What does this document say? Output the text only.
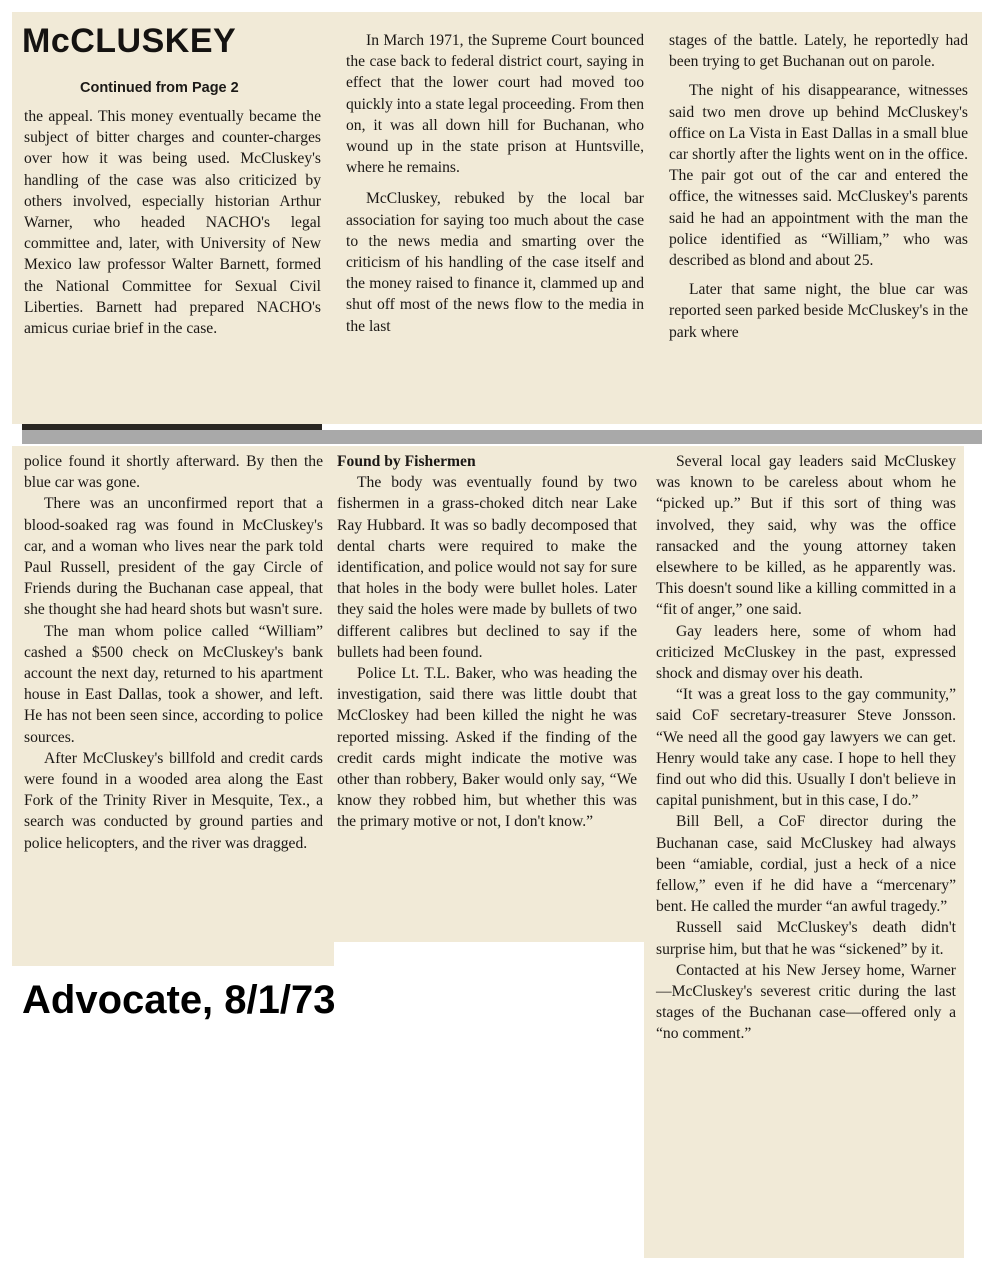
McCLUSKEY
Continued from Page 2

the appeal. This money eventually became the subject of bitter charges and counter-charges over how it was being used. McCluskey's handling of the case was also criticized by others involved, especially historian Arthur Warner, who headed NACHO's legal committee and, later, with University of New Mexico law professor Walter Barnett, formed the National Committee for Sexual Civil Liberties. Barnett had prepared NACHO's amicus curiae brief in the case.

In March 1971, the Supreme Court bounced the case back to federal district court, saying in effect that the lower court had moved too quickly into a state legal proceeding. From then on, it was all down hill for Buchanan, who wound up in the state prison at Huntsville, where he remains.

McCluskey, rebuked by the local bar association for saying too much about the case to the news media and smarting over the criticism of his handling of the case itself and the money raised to finance it, clammed up and shut off most of the news flow to the media in the last

stages of the battle. Lately, he reportedly had been trying to get Buchanan out on parole.

The night of his disappearance, witnesses said two men drove up behind McCluskey's office on La Vista in East Dallas in a small blue car shortly after the lights went on in the office. The pair got out of the car and entered the office, the witnesses said. McCluskey's parents said he had an appointment with the man the police identified as “William,” who was described as blond and about 25.

Later that same night, the blue car was reported seen parked beside McCluskey's in the park where

police found it shortly afterward. By then the blue car was gone.

There was an unconfirmed report that a blood-soaked rag was found in McCluskey's car, and a woman who lives near the park told Paul Russell, president of the gay Circle of Friends during the Buchanan case appeal, that she thought she had heard shots but wasn't sure.

The man whom police called “William” cashed a $500 check on McCluskey's bank account the next day, returned to his apartment house in East Dallas, took a shower, and left. He has not been seen since, according to police sources.

After McCluskey's billfold and credit cards were found in a wooded area along the East Fork of the Trinity River in Mesquite, Tex., a search was conducted by ground parties and police helicopters, and the river was dragged.

Found by Fishermen

The body was eventually found by two fishermen in a grass-choked ditch near Lake Ray Hubbard. It was so badly decomposed that dental charts were required to make the identification, and police would not say for sure that holes in the body were bullet holes. Later they said the holes were made by bullets of two different calibres but declined to say if the bullets had been found.

Police Lt. T.L. Baker, who was heading the investigation, said there was little doubt that McCloskey had been killed the night he was reported missing. Asked if the finding of the credit cards might indicate the motive was other than robbery, Baker would only say, “We know they robbed him, but whether this was the primary motive or not, I don't know.”

Several local gay leaders said McCluskey was known to be careless about whom he “picked up.” But if this sort of thing was involved, they said, why was the office ransacked and the young attorney taken elsewhere to be killed, as he apparently was. This doesn't sound like a killing committed in a “fit of anger,” one said.

Gay leaders here, some of whom had criticized McCluskey in the past, expressed shock and dismay over his death.

“It was a great loss to the gay community,” said CoF secretary-treasurer Steve Jonsson. “We need all the good gay lawyers we can get. Henry would take any case. I hope to hell they find out who did this. Usually I don't believe in capital punishment, but in this case, I do.”

Bill Bell, a CoF director during the Buchanan case, said McCluskey had always been “amiable, cordial, just a heck of a nice fellow,” even if he did have a “mercenary” bent. He called the murder “an awful tragedy.”

Russell said McCluskey's death didn't surprise him, but that he was “sickened” by it.

Contacted at his New Jersey home, Warner—McCluskey's severest critic during the last stages of the Buchanan case—offered only a “no comment.”

Advocate, 8/1/73
